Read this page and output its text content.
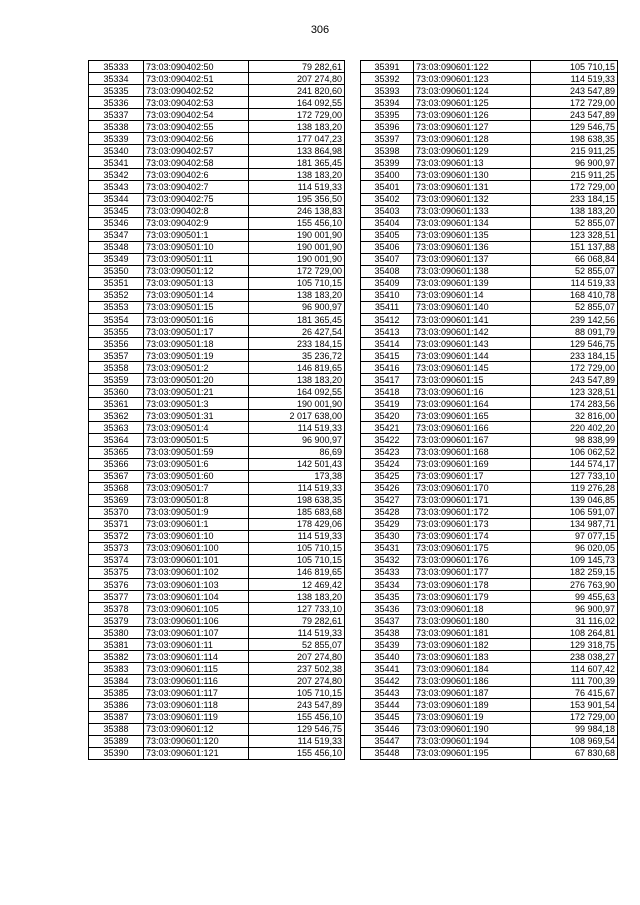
306
35333	73:03:090402:50	79 282,61
35334	73:03:090402:51	207 274,80
35335	73:03:090402:52	241 820,60
35336	73:03:090402:53	164 092,55
35337	73:03:090402:54	172 729,00
35338	73:03:090402:55	138 183,20
35339	73:03:090402:56	177 047,23
35340	73:03:090402:57	133 864,98
35341	73:03:090402:58	181 365,45
35342	73:03:090402:6	138 183,20
35343	73:03:090402:7	114 519,33
35344	73:03:090402:75	195 356,50
35345	73:03:090402:8	246 138,83
35346	73:03:090402:9	155 456,10
35347	73:03:090501:1	190 001,90
35348	73:03:090501:10	190 001,90
35349	73:03:090501:11	190 001,90
35350	73:03:090501:12	172 729,00
35351	73:03:090501:13	105 710,15
35352	73:03:090501:14	138 183,20
35353	73:03:090501:15	96 900,97
35354	73:03:090501:16	181 365,45
35355	73:03:090501:17	26 427,54
35356	73:03:090501:18	233 184,15
35357	73:03:090501:19	35 236,72
35358	73:03:090501:2	146 819,65
35359	73:03:090501:20	138 183,20
35360	73:03:090501:21	164 092,55
35361	73:03:090501:3	190 001,90
35362	73:03:090501:31	2 017 638,00
35363	73:03:090501:4	114 519,33
35364	73:03:090501:5	96 900,97
35365	73:03:090501:59	86,69
35366	73:03:090501:6	142 501,43
35367	73:03:090501:60	173,38
35368	73:03:090501:7	114 519,33
35369	73:03:090501:8	198 638,35
35370	73:03:090501:9	185 683,68
35371	73:03:090601:1	178 429,06
35372	73:03:090601:10	114 519,33
35373	73:03:090601:100	105 710,15
35374	73:03:090601:101	105 710,15
35375	73:03:090601:102	146 819,65
35376	73:03:090601:103	12 469,42
35377	73:03:090601:104	138 183,20
35378	73:03:090601:105	127 733,10
35379	73:03:090601:106	79 282,61
35380	73:03:090601:107	114 519,33
35381	73:03:090601:11	52 855,07
35382	73:03:090601:114	207 274,80
35383	73:03:090601:115	237 502,38
35384	73:03:090601:116	207 274,80
35385	73:03:090601:117	105 710,15
35386	73:03:090601:118	243 547,89
35387	73:03:090601:119	155 456,10
35388	73:03:090601:12	129 546,75
35389	73:03:090601:120	114 519,33
35390	73:03:090601:121	155 456,10
35391	73:03:090601:122	105 710,15
35392	73:03:090601:123	114 519,33
35393	73:03:090601:124	243 547,89
35394	73:03:090601:125	172 729,00
35395	73:03:090601:126	243 547,89
35396	73:03:090601:127	129 546,75
35397	73:03:090601:128	198 638,35
35398	73:03:090601:129	215 911,25
35399	73:03:090601:13	96 900,97
35400	73:03:090601:130	215 911,25
35401	73:03:090601:131	172 729,00
35402	73:03:090601:132	233 184,15
35403	73:03:090601:133	138 183,20
35404	73:03:090601:134	52 855,07
35405	73:03:090601:135	123 328,51
35406	73:03:090601:136	151 137,88
35407	73:03:090601:137	66 068,84
35408	73:03:090601:138	52 855,07
35409	73:03:090601:139	114 519,33
35410	73:03:090601:14	168 410,78
35411	73:03:090601:140	52 855,07
35412	73:03:090601:141	239 142,56
35413	73:03:090601:142	88 091,79
35414	73:03:090601:143	129 546,75
35415	73:03:090601:144	233 184,15
35416	73:03:090601:145	172 729,00
35417	73:03:090601:15	243 547,89
35418	73:03:090601:16	123 328,51
35419	73:03:090601:164	174 283,56
35420	73:03:090601:165	32 816,00
35421	73:03:090601:166	220 402,20
35422	73:03:090601:167	98 838,99
35423	73:03:090601:168	106 062,52
35424	73:03:090601:169	144 574,17
35425	73:03:090601:17	127 733,10
35426	73:03:090601:170	119 276,28
35427	73:03:090601:171	139 046,85
35428	73:03:090601:172	106 591,07
35429	73:03:090601:173	134 987,71
35430	73:03:090601:174	97 077,15
35431	73:03:090601:175	96 020,05
35432	73:03:090601:176	109 145,73
35433	73:03:090601:177	182 259,15
35434	73:03:090601:178	276 763,90
35435	73:03:090601:179	99 455,63
35436	73:03:090601:18	96 900,97
35437	73:03:090601:180	31 116,02
35438	73:03:090601:181	108 264,81
35439	73:03:090601:182	129 318,75
35440	73:03:090601:183	238 038,27
35441	73:03:090601:184	114 607,42
35442	73:03:090601:186	111 700,39
35443	73:03:090601:187	76 415,67
35444	73:03:090601:189	153 901,54
35445	73:03:090601:19	172 729,00
35446	73:03:090601:190	99 984,18
35447	73:03:090601:194	108 969,54
35448	73:03:090601:195	67 830,68
